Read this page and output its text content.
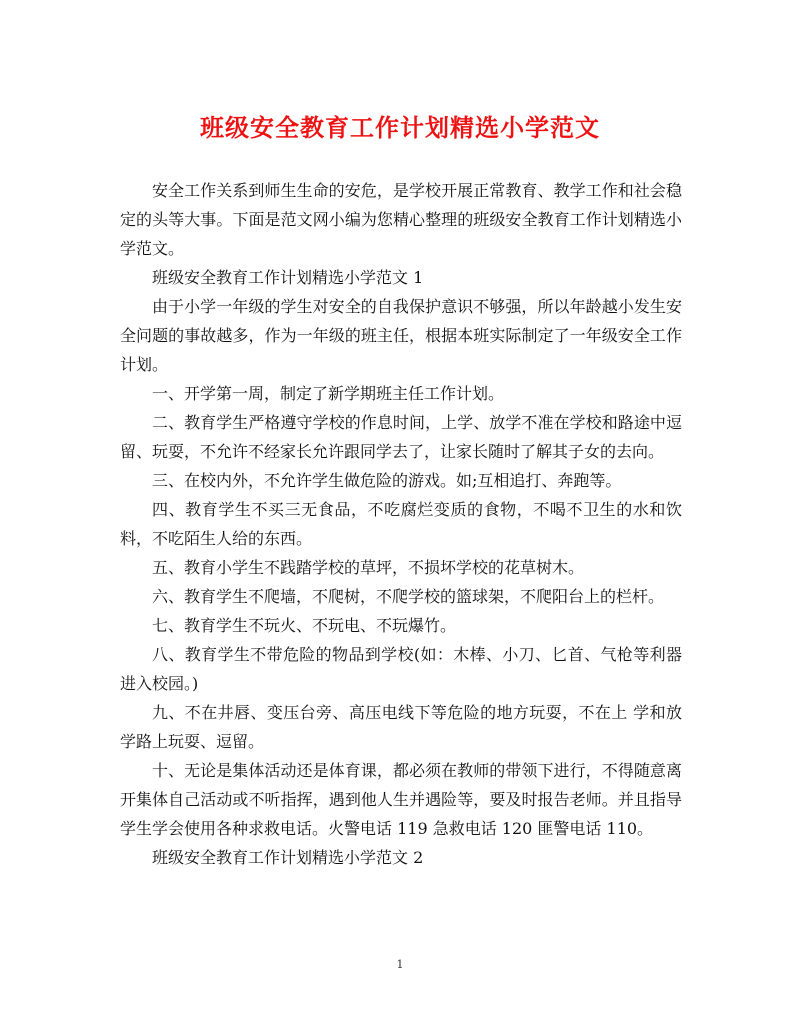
班级安全教育工作计划精选小学范文

安全工作关系到师生生命的安危，是学校开展正常教育、教学工作和社会稳定的头等大事。下面是范文网小编为您精心整理的班级安全教育工作计划精选小学范文。

班级安全教育工作计划精选小学范文 1

由于小学一年级的学生对安全的自我保护意识不够强，所以年龄越小发生安全问题的事故越多，作为一年级的班主任，根据本班实际制定了一年级安全工作计划。

一、开学第一周，制定了新学期班主任工作计划。

二、教育学生严格遵守学校的作息时间，上学、放学不准在学校和路途中逗留、玩耍，不允许不经家长允许跟同学去了，让家长随时了解其子女的去向。

三、在校内外，不允许学生做危险的游戏。如;互相追打、奔跑等。

四、教育学生不买三无食品，不吃腐烂变质的食物，不喝不卫生的水和饮料，不吃陌生人给的东西。

五、教育小学生不践踏学校的草坪，不损坏学校的花草树木。

六、教育学生不爬墙，不爬树，不爬学校的篮球架，不爬阳台上的栏杆。

七、教育学生不玩火、不玩电、不玩爆竹。

八、教育学生不带危险的物品到学校(如：木棒、小刀、匕首、气枪等利器进入校园。)

九、不在井唇、变压台旁、高压电线下等危险的地方玩耍，不在上 学和放学路上玩耍、逗留。

十、无论是集体活动还是体育课，都必须在教师的带领下进行，不得随意离开集体自己活动或不听指挥，遇到他人生并遇险等，要及时报告老师。并且指导学生学会使用各种求救电话。火警电话 119 急救电话 120 匪警电话 110。

班级安全教育工作计划精选小学范文 2

1
